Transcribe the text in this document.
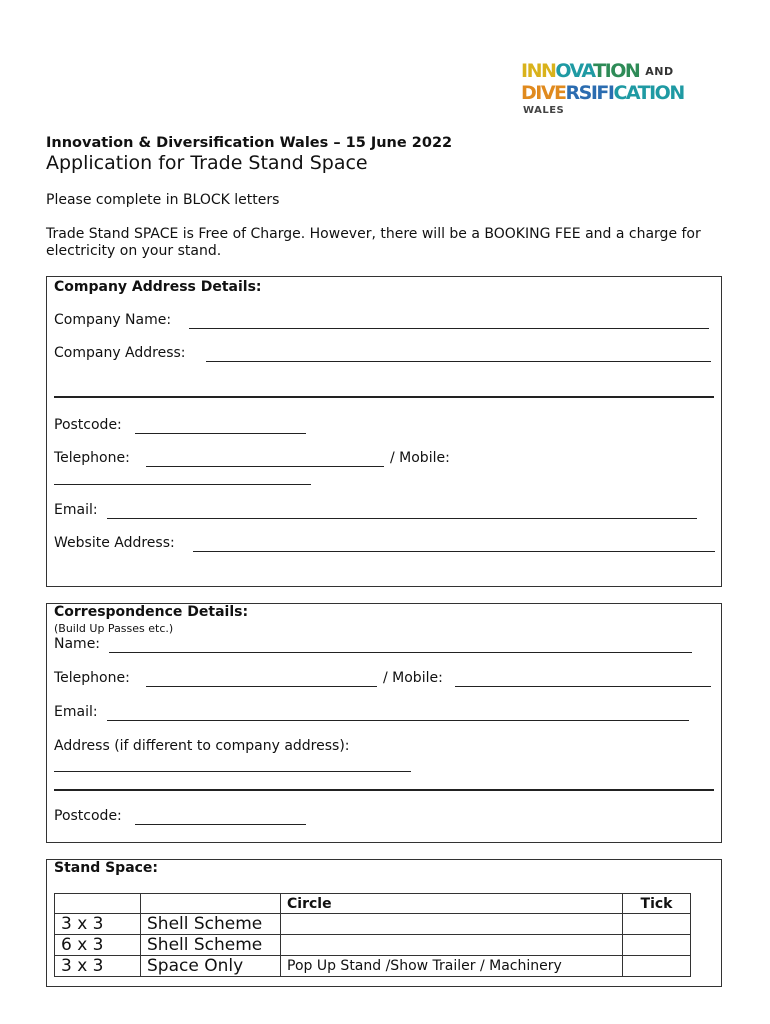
INNOVATION AND
DIVERSIFICATION
WALES
Innovation & Diversification Wales – 15 June 2022
Application for Trade Stand Space
Please complete in BLOCK letters
Trade Stand SPACE is Free of Charge. However, there will be a BOOKING FEE and a charge for electricity on your stand.
Company Address Details:
Company Name:
Company Address:
Postcode:
Telephone:	/ Mobile:
Email:
Website Address:
Correspondence Details:
(Build Up Passes etc.)
Name:
Telephone:	/ Mobile:
Email:
Address (if different to company address):
Postcode:
Stand Space:
		Circle	Tick
3 x 3	Shell Scheme		
6 x 3	Shell Scheme		
3 x 3	Space Only	Pop Up Stand /Show Trailer / Machinery	
